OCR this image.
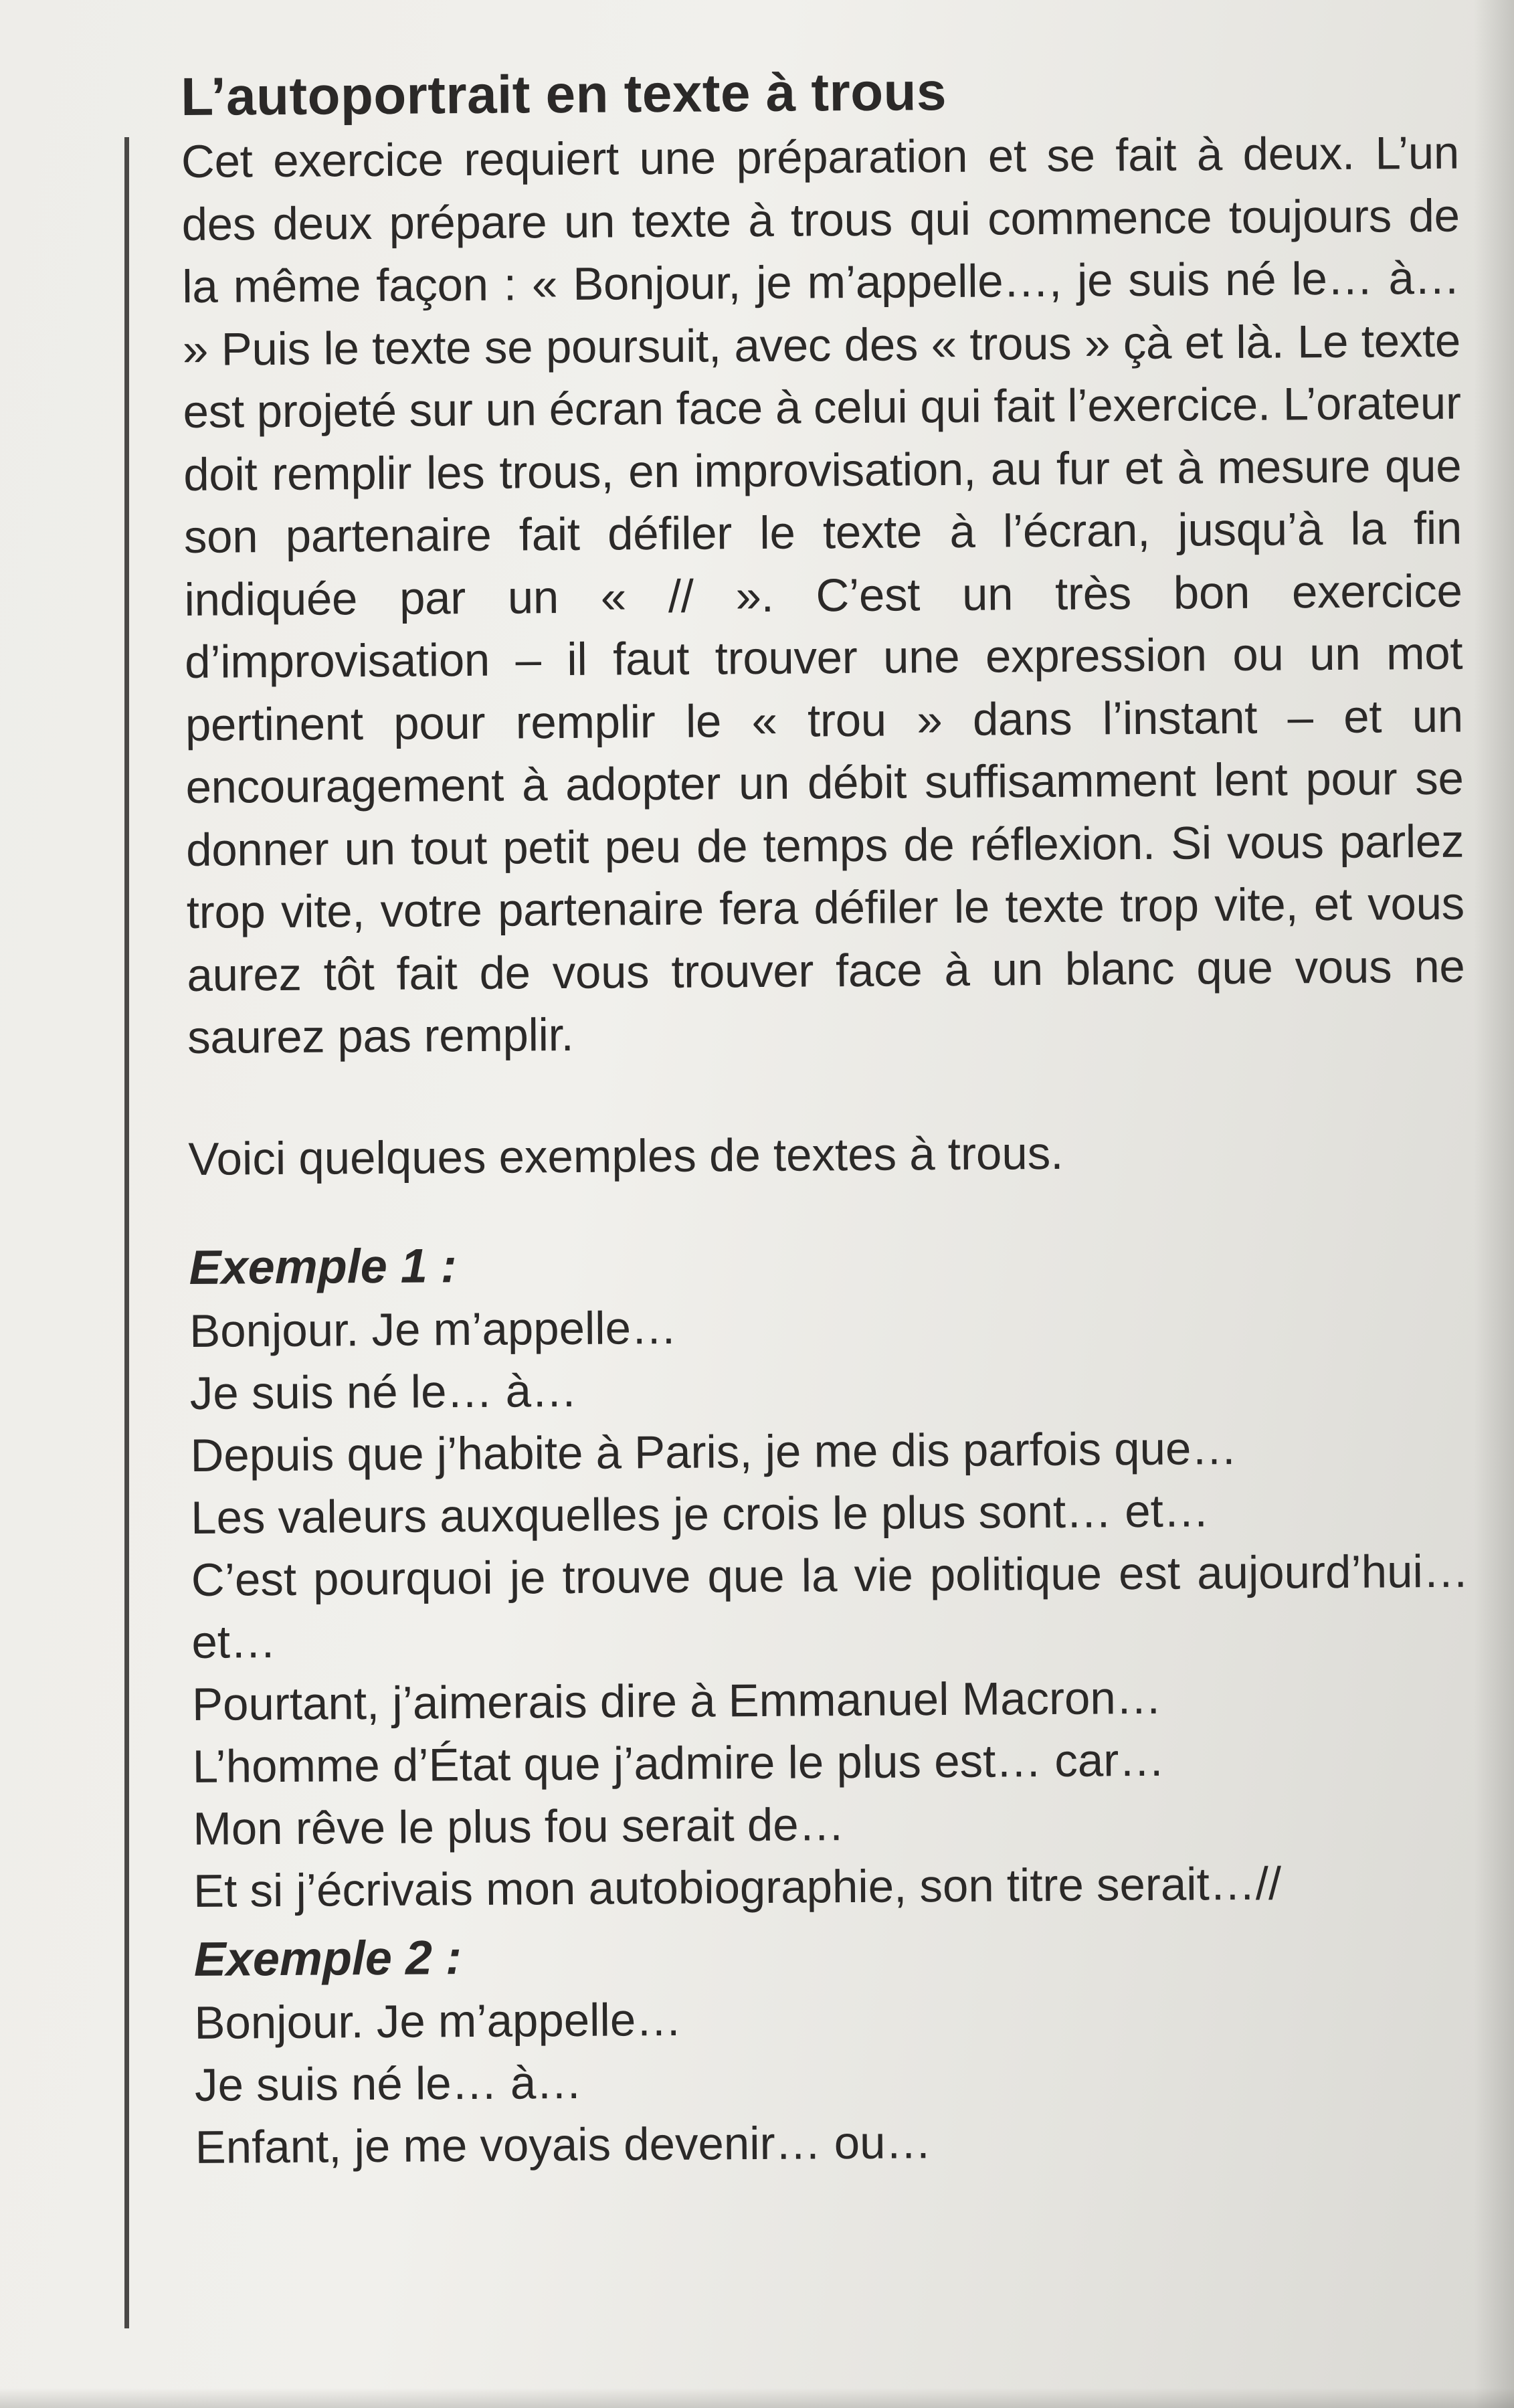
L’autoportrait en texte à trous

Cet exercice requiert une préparation et se fait à deux. L’un des deux prépare un texte à trous qui commence toujours de la même façon : « Bonjour, je m’appelle…, je suis né le… à… » Puis le texte se poursuit, avec des « trous » çà et là. Le texte est projeté sur un écran face à celui qui fait l’exercice. L’orateur doit remplir les trous, en improvisation, au fur et à mesure que son partenaire fait défiler le texte à l’écran, jusqu’à la fin indiquée par un « // ». C’est un très bon exercice d’improvisation – il faut trouver une expression ou un mot pertinent pour remplir le « trou » dans l’instant – et un encouragement à adopter un débit suffisamment lent pour se donner un tout petit peu de temps de réflexion. Si vous parlez trop vite, votre partenaire fera défiler le texte trop vite, et vous aurez tôt fait de vous trouver face à un blanc que vous ne saurez pas remplir.

Voici quelques exemples de textes à trous.

Exemple 1 :

Bonjour. Je m’appelle…

Je suis né le… à…

Depuis que j’habite à Paris, je me dis parfois que…

Les valeurs auxquelles je crois le plus sont… et…

C’est pourquoi je trouve que la vie politique est aujourd’hui… et…

Pourtant, j’aimerais dire à Emmanuel Macron…

L’homme d’État que j’admire le plus est… car…

Mon rêve le plus fou serait de…

Et si j’écrivais mon autobiographie, son titre serait…//

Exemple 2 :

Bonjour. Je m’appelle…

Je suis né le… à…

Enfant, je me voyais devenir… ou…
